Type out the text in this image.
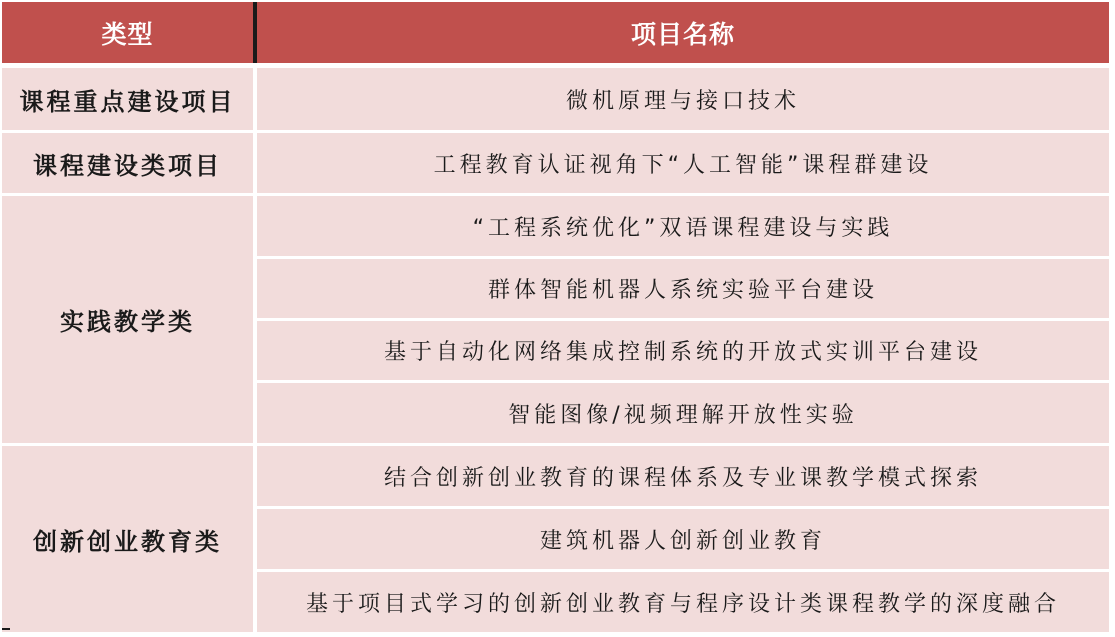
类型	项目名称
课程重点建设项目
课程建设类项目
实践教学类
创新创业教育类
微机原理与接口技术
工程教育认证视角下“人工智能”课程群建设
“工程系统优化”双语课程建设与实践
群体智能机器人系统实验平台建设
基于自动化网络集成控制系统的开放式实训平台建设
智能图像/视频理解开放性实验
结合创新创业教育的课程体系及专业课教学模式探索
建筑机器人创新创业教育
基于项目式学习的创新创业教育与程序设计类课程教学的深度融合
